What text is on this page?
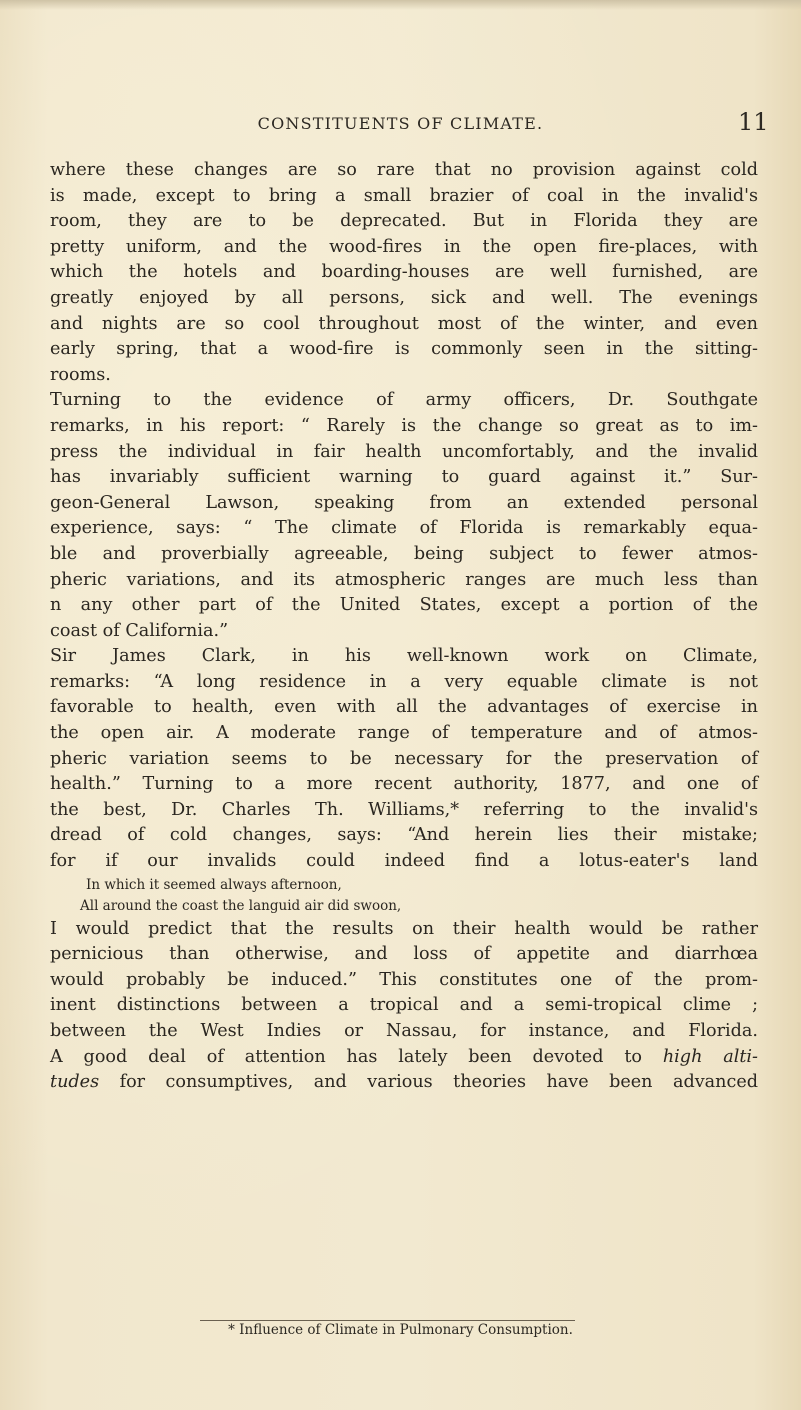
CONSTITUENTS OF CLIMATE.	11
where these changes are so rare that no provision against cold
is made, except to bring a small brazier of coal in the invalid's
room, they are to be deprecated. But in Florida they are
pretty uniform, and the wood-fires in the open fire-places, with
which the hotels and boarding-houses are well furnished, are
greatly enjoyed by all persons, sick and well. The evenings
and nights are so cool throughout most of the winter, and even
early spring, that a wood-fire is commonly seen in the sitting-
rooms.
Turning to the evidence of army officers, Dr. Southgate
remarks, in his report: “ Rarely is the change so great as to im-
press the individual in fair health uncomfortably, and the invalid
has invariably sufficient warning to guard against it.” Sur-
geon-General Lawson, speaking from an extended personal
experience, says: “ The climate of Florida is remarkably equa-
ble and proverbially agreeable, being subject to fewer atmos-
pheric variations, and its atmospheric ranges are much less than
n any other part of the United States, except a portion of the
coast of California.”
Sir James Clark, in his well-known work on Climate,
remarks: “A long residence in a very equable climate is not
favorable to health, even with all the advantages of exercise in
the open air. A moderate range of temperature and of atmos-
pheric variation seems to be necessary for the preservation of
health.” Turning to a more recent authority, 1877, and one of
the best, Dr. Charles Th. Williams,* referring to the invalid's
dread of cold changes, says: “And herein lies their mistake;
for if our invalids could indeed find a lotus-eater's land
In which it seemed always afternoon,
All around the coast the languid air did swoon,
I would predict that the results on their health would be rather
pernicious than otherwise, and loss of appetite and diarrhœa
would probably be induced.” This constitutes one of the prom-
inent distinctions between a tropical and a semi-tropical clime ;
between the West Indies or Nassau, for instance, and Florida.
A good deal of attention has lately been devoted to high alti-
tudes for consumptives, and various theories have been advanced
* Influence of Climate in Pulmonary Consumption.
